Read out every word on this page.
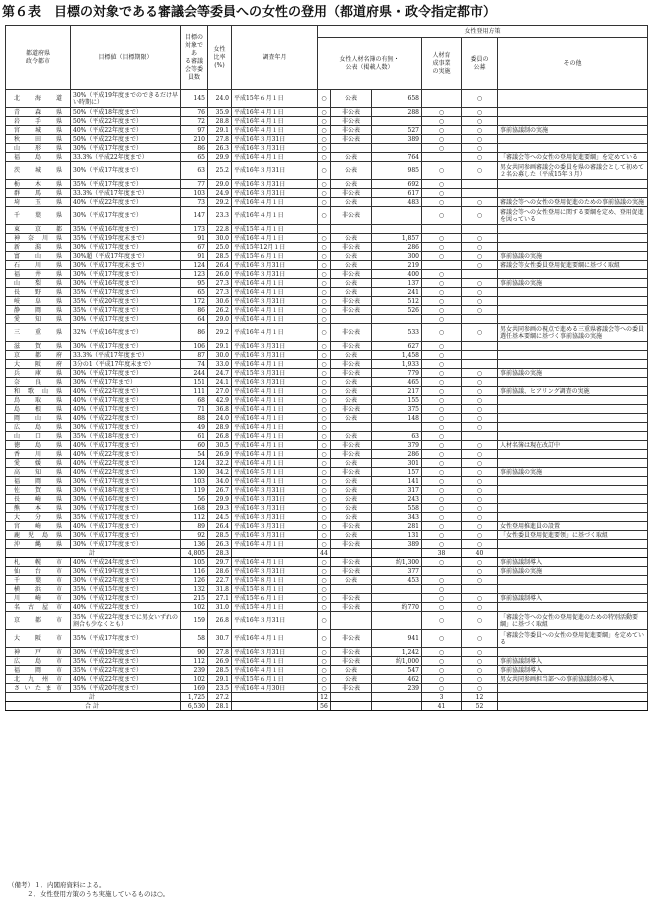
第６表　目標の対象である審議会等委員への女性の登用（都道府県・政令指定都市）
都道府県
政令都市	目標値（目標期限）	目標の
対象であ
る審議
会等委
員数	女性
比率
(%)	調査年月	女性登用方策					
					女性人材名簿の有無・
公表（掲載人数）			人材育
成事業
の実施	委員の
公募	その他
北海道	30%（平成19年度までのできるだけ早い時期に）	145	24.0	平成15年６月１日	○	公表	658		○	
青森県	50%（平成18年度まで）	76	35.9	平成16年４月１日	○	非公表	288	○	○	
岩手県	50%（平成22年度まで）	72	28.8	平成16年４月１日	○	非公表		○	○	
宮城県	40%（平成22年度まで）	97	29.1	平成16年４月１日	○	非公表	527	○	○	事前協議制の実施
秋田県	50%（平成22年度まで）	210	27.8	平成16年３月31日	○	非公表	389	○	○	
山形県	30%（平成17年度まで）	86	26.3	平成16年３月31日	○			○	○	
福島県	33.3%（平成22年度まで）	65	29.9	平成16年４月１日	○	公表	764		○	「審議会等への女性の登用促進要綱」を定めている
茨城県	30%（平成17年度まで）	63	25.2	平成16年３月31日	○	公表	985	○	○	男女共同参画審議会の委員を県の審議会として初めて２名公募した（平成15年３月）
栃木県	35%（平成17年度まで）	77	29.0	平成16年３月31日	○	公表	692	○		
群馬県	33.3%（平成17年度まで）	103	24.9	平成16年３月31日	○	非公表	617	○		
埼玉県	40%（平成22年度まで）	73	29.2	平成16年４月１日	○	公表	483	○	○	審議会等への女性の登用促進のための事前協議の実施
千葉県	30%（平成17年度まで）	147	23.3	平成16年４月１日	○	非公表		○	○	審議会等への女性登用に関する要綱を定め、登用促進を図っている
東京都	35%（平成16年度まで）	173	22.8	平成15年４月１日						
神奈川県	35%（平成19年度末まで）	91	30.0	平成16年４月１日	○	公表	1,857	○	○	
新潟県	30%（平成17年度まで）	67	25.0	平成15年12月１日	○	非公表	286	○	○	
富山県	30%超（平成17年度まで）	91	28.5	平成15年６月１日	○	公表	300	○	○	事前協議の実施
石川県	30%（平成17年度末まで）	124	26.4	平成16年３月31日	○	公表	219		○	審議会等女性委員登用促進要綱に基づく取組
福井県	30%（平成17年度まで）	123	26.0	平成16年３月31日	○	非公表	400	○		
山梨県	30%（平成16年度まで）	95	27.3	平成16年４月１日	○	公表	137	○	○	事前協議の実施
長野県	35%（平成17年度まで）	65	27.3	平成16年４月１日	○	公表	241	○	○	
岐阜県	35%（平成20年度まで）	172	30.6	平成16年３月31日	○	非公表	512	○	○	
静岡県	35%（平成17年度まで）	86	26.2	平成16年４月１日	○	非公表	526	○	○	
愛知県	30%（平成17年度まで）	64	29.0	平成16年４月１日	○			○		
三重県	32%（平成16年度まで）	86	29.2	平成16年４月１日	○	非公表	533	○	○	男女共同参画の視点で進める三重県審議会等への委員選任基本要綱に基づく事前協議の実施
滋賀県	30%（平成17年度まで）	106	29.1	平成16年３月31日	○	非公表	627	○		
京都府	33.3%（平成17年度まで）	87	30.0	平成16年３月31日	○	公表	1,458	○		
大阪府	3分の1（平成17年度末まで）	74	33.0	平成16年４月１日	○	非公表	1,933	○		
兵庫県	30%（平成17年度まで）	244	24.7	平成15年３月31日	○	非公表	779	○	○	事前協議の実施
奈良県	30%（平成17年まで）	151	24.1	平成16年３月31日	○	公表	465	○	○	
和歌山県	40%（平成22年度まで）	111	27.0	平成16年４月１日	○	公表	217	○	○	事前協議、ヒアリング調査の実施
鳥取県	40%（平成17年度まで）	68	42.9	平成16年４月１日	○	公表	155	○	○	
島根県	40%（平成17年度まで）	71	36.8	平成16年４月１日	○	非公表	375	○	○	
岡山県	40%（平成22年度まで）	88	24.0	平成16年４月１日	○	公表	148	○	○	
広島県	30%（平成17年度まで）	49	28.9	平成16年４月１日	○			○	○	
山口県	35%（平成18年度まで）	61	26.8	平成16年４月１日	○	公表	63	○		
徳島県	40%（平成17年度まで）	60	30.5	平成16年４月１日	○	非公表	379	○	○	人材名簿は現在改訂中
香川県	40%（平成22年度まで）	54	26.9	平成16年４月１日	○	非公表	286	○	○	
愛媛県	40%（平成22年度まで）	124	32.2	平成16年４月１日	○	公表	301	○	○	
高知県	40%（平成22年度まで）	130	34.2	平成16年５月１日	○	非公表	157	○	○	事前協議の実施
福岡県	30%（平成17年度まで）	103	34.0	平成16年４月１日	○	公表	141	○	○	
佐賀県	30%（平成18年度まで）	119	26.7	平成16年３月31日	○	公表	317	○	○	
長崎県	30%（平成16年度まで）	56	29.9	平成16年３月31日	○	公表	243	○	○	
熊本県	30%（平成17年度まで）	168	29.3	平成16年３月31日	○	公表	558	○	○	
大分県	35%（平成17年度まで）	112	24.5	平成16年３月31日	○	公表	343	○	○	
宮崎県	40%（平成17年度まで）	89	26.4	平成16年３月31日	○	非公表	281	○	○	女性登用推進員の設置
鹿児島県	30%（平成17年度まで）	92	28.5	平成16年３月31日	○	公表	131	○	○	「女性委員登用促進要領」に基づく取組
沖縄県	30%（平成17年度まで）	136	26.3	平成16年４月１日	○	非公表	389	○	○	
計		4,805	28.3		44			38	40	
札幌市	40%（平成24年度まで）	105	29.7	平成16年４月１日	○	非公表	約1,300	○	○	事前協議制導入
仙台市	30%（平成19年度まで）	116	28.6	平成16年３月31日	○	非公表	377		○	事前協議の実施
千葉市	30%（平成22年度まで）	126	22.7	平成15年８月１日	○	公表	453	○	○	
横浜市	35%（平成15年度まで）	132	31.8	平成15年８月１日	○			○		
川崎市	30%（平成12年度まで）	215	27.1	平成15年６月１日	○	非公表		○	○	事前協議制導入
名古屋市	40%（平成22年度まで）	102	31.0	平成15年４月１日	○	非公表	約770	○	○	
京都市	35%（平成22年度までに男女いずれの割合も少なくとも）	159	26.8	平成16年３月31日	○			○	○	「審議会等への女性の登用促進のための特別活動要綱」に基づく取組
大阪市	35%（平成17年度まで）	58	30.7	平成16年４月１日	○	非公表	941	○	○	「審議会等委員への女性の登用促進要綱」を定めている
神戸市	30%（平成19年度まで）	90	27.8	平成16年３月31日	○	非公表	1,242	○	○	
広島市	35%（平成22年度まで）	112	26.9	平成16年４月１日	○	非公表	約1,000	○	○	事前協議制導入
福岡市	35%（平成22年度まで）	239	28.5	平成16年４月１日	○	公表	547	○	○	事前協議制導入
北九州市	40%（平成22年度まで）	102	29.1	平成15年６月１日	○	公表	462	○	○	男女共同参画担当部への事前協議制の導入
さいたま市	35%（平成20年度まで）	169	23.5	平成16年４月30日	○	非公表	239	○	○	
計		1,725	27.2		12			3	12	
合計		6,530	28.1		56			41	52	
（備考）１．内閣府資料による。
２．女性登用方策のうち実施しているものは○。
